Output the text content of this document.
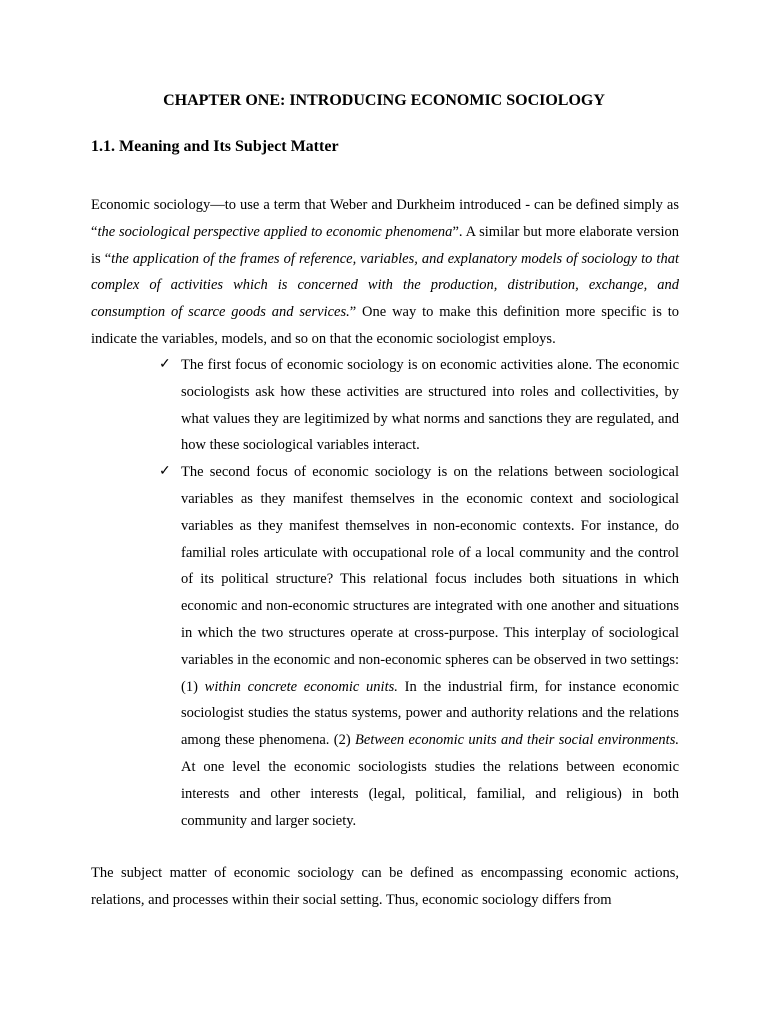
CHAPTER ONE: INTRODUCING ECONOMIC SOCIOLOGY
1.1. Meaning and Its Subject Matter

Economic sociology—to use a term that Weber and Durkheim introduced - can be defined simply as “the sociological perspective applied to economic phenomena”. A similar but more elaborate version is “the application of the frames of reference, variables, and explanatory models of sociology to that complex of activities which is concerned with the production, distribution, exchange, and consumption of scarce goods and services.” One way to make this definition more specific is to indicate the variables, models, and so on that the economic sociologist employs.

✓ The first focus of economic sociology is on economic activities alone. The economic sociologists ask how these activities are structured into roles and collectivities, by what values they are legitimized by what norms and sanctions they are regulated, and how these sociological variables interact.
✓ The second focus of economic sociology is on the relations between sociological variables as they manifest themselves in the economic context and sociological variables as they manifest themselves in non-economic contexts. For instance, do familial roles articulate with occupational role of a local community and the control of its political structure? This relational focus includes both situations in which economic and non-economic structures are integrated with one another and situations in which the two structures operate at cross-purpose. This interplay of sociological variables in the economic and non-economic spheres can be observed in two settings: (1) within concrete economic units. In the industrial firm, for instance economic sociologist studies the status systems, power and authority relations and the relations among these phenomena. (2) Between economic units and their social environments. At one level the economic sociologists studies the relations between economic interests and other interests (legal, political, familial, and religious) in both community and larger society.

The subject matter of economic sociology can be defined as encompassing economic actions, relations, and processes within their social setting. Thus, economic sociology differs from
